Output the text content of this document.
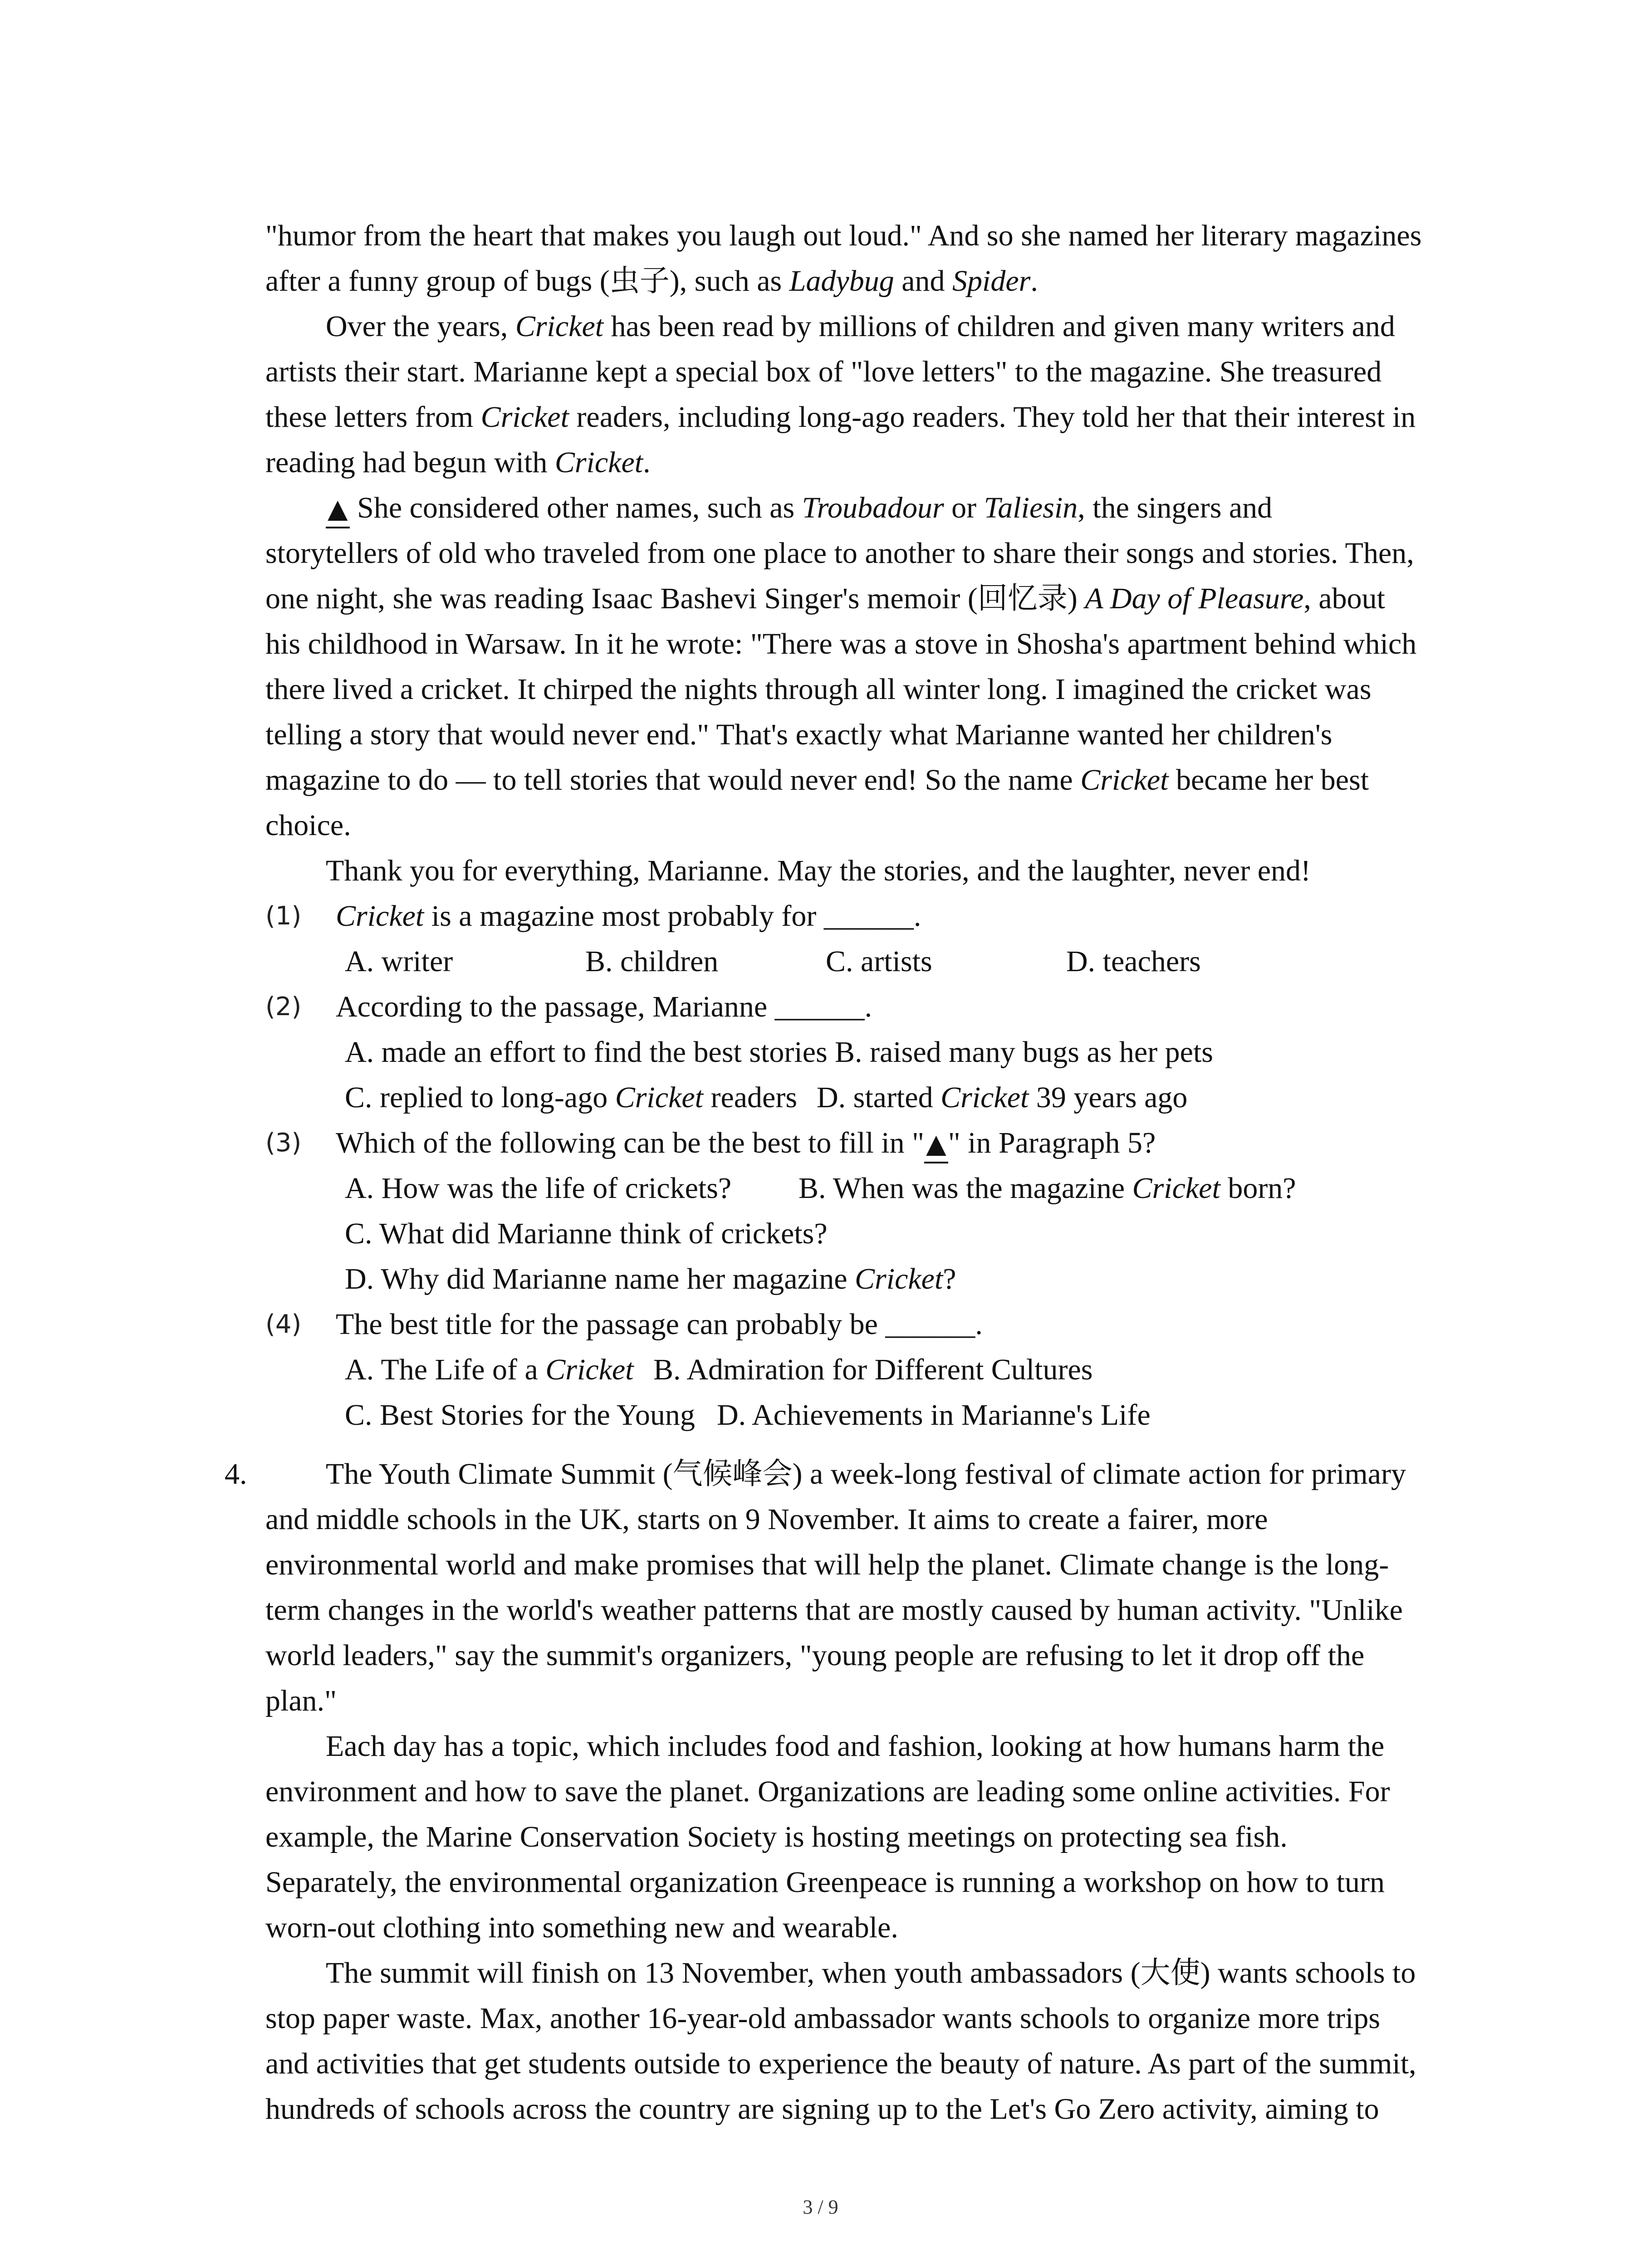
"humor from the heart that makes you laugh out loud." And so she named her literary magazines
after a funny group of bugs (虫子), such as Ladybug and Spider.
Over the years, Cricket has been read by millions of children and given many writers and
artists their start. Marianne kept a special box of "love letters" to the magazine. She treasured
these letters from Cricket readers, including long-ago readers. They told her that their interest in
reading had begun with Cricket.
▲ She considered other names, such as Troubadour or Taliesin, the singers and
storytellers of old who traveled from one place to another to share their songs and stories. Then,
one night, she was reading Isaac Bashevi Singer's memoir (回忆录) A Day of Pleasure, about
his childhood in Warsaw. In it he wrote: "There was a stove in Shosha's apartment behind which
there lived a cricket. It chirped the nights through all winter long. I imagined the cricket was
telling a story that would never end." That's exactly what Marianne wanted her children's
magazine to do — to tell stories that would never end! So the name Cricket became her best
choice.
Thank you for everything, Marianne. May the stories, and the laughter, never end!
(1) Cricket is a magazine most probably for ______.
A. writer	B. children	C. artists	D. teachers
(2) According to the passage, Marianne ______.
A. made an effort to find the best stories B. raised many bugs as her pets
C. replied to long-ago Cricket readers D. started Cricket 39 years ago
(3) Which of the following can be the best to fill in "▲" in Paragraph 5?
A. How was the life of crickets? B. When was the magazine Cricket born?
C. What did Marianne think of crickets?
D. Why did Marianne name her magazine Cricket?
(4) The best title for the passage can probably be ______.
A. The Life of a Cricket B. Admiration for Different Cultures
C. Best Stories for the Young D. Achievements in Marianne's Life
4.	The Youth Climate Summit (气候峰会) a week-long festival of climate action for primary
and middle schools in the UK, starts on 9 November. It aims to create a fairer, more
environmental world and make promises that will help the planet. Climate change is the long-
term changes in the world's weather patterns that are mostly caused by human activity. "Unlike
world leaders," say the summit's organizers, "young people are refusing to let it drop off the
plan."
Each day has a topic, which includes food and fashion, looking at how humans harm the
environment and how to save the planet. Organizations are leading some online activities. For
example, the Marine Conservation Society is hosting meetings on protecting sea fish.
Separately, the environmental organization Greenpeace is running a workshop on how to turn
worn-out clothing into something new and wearable.
The summit will finish on 13 November, when youth ambassadors (大使) wants schools to
stop paper waste. Max, another 16-year-old ambassador wants schools to organize more trips
and activities that get students outside to experience the beauty of nature. As part of the summit,
hundreds of schools across the country are signing up to the Let's Go Zero activity, aiming to
3 / 9
